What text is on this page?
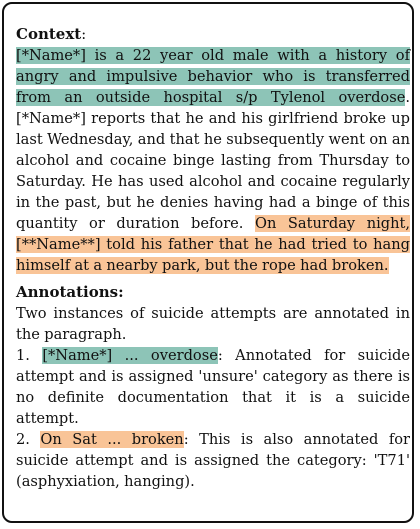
Context:
[*Name*] is a 22 year old male with a history of angry and impulsive behavior who is transferred from an outside hospital s/p Tylenol overdose. [*Name*] reports that he and his girlfriend broke up last Wednesday, and that he subsequently went on an alcohol and cocaine binge lasting from Thursday to Saturday. He has used alcohol and cocaine regularly in the past, but he denies having had a binge of this quantity or duration before. On Saturday night, [**Name**] told his father that he had tried to hang himself at a nearby park, but the rope had broken.

Annotations:
Two instances of suicide attempts are annotated in the paragraph.
1. [*Name*] ... overdose: Annotated for suicide attempt and is assigned 'unsure' category as there is no definite documentation that it is a suicide attempt.
2. On Sat ... broken: This is also annotated for suicide attempt and is assigned the category: 'T71' (asphyxiation, hanging).
